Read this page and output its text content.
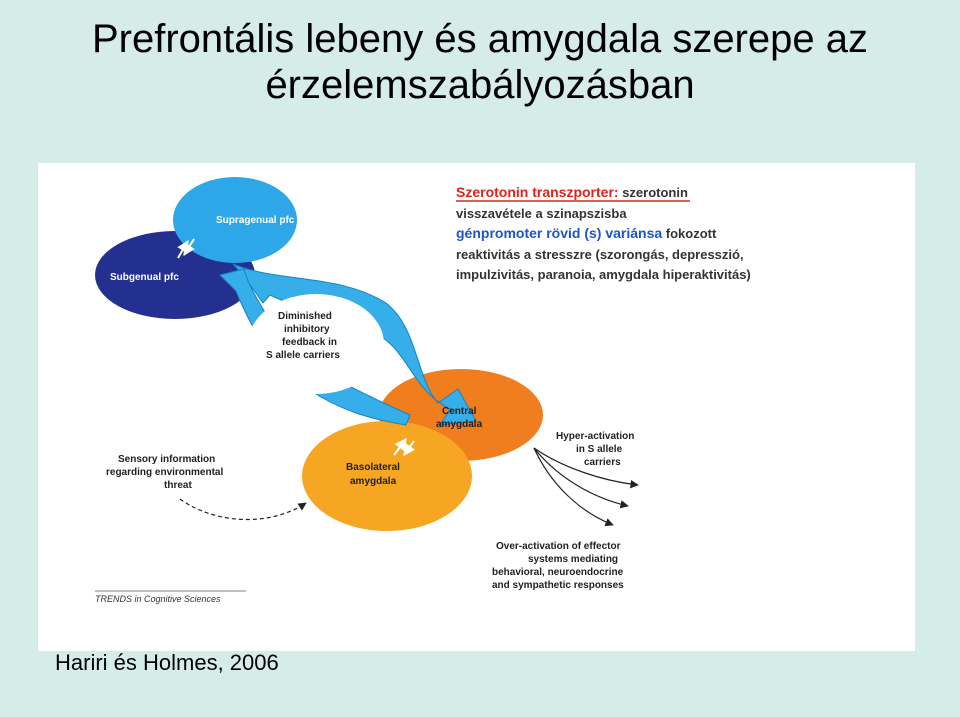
Prefrontális lebeny és amygdala szerepe az
érzelemszabályozásban
Supragenual pfc
Subgenual pfc
Central
amygdala
Basolateral
amygdala
Diminished
inhibitory
feedback in
S allele carriers
Sensory information
regarding environmental
threat
Hyper-activation
in S allele
carriers
Over-activation of effector
systems mediating
behavioral, neuroendocrine
and sympathetic responses
TRENDS in Cognitive Sciences
Szerotonin transzporter: szerotonin
visszavétele a szinapszisba
génpromoter rövid (s) variánsa fokozott
reaktivitás a stresszre (szorongás, depresszió,
impulzivitás, paranoia, amygdala hiperaktivitás)
Hariri és Holmes, 2006
